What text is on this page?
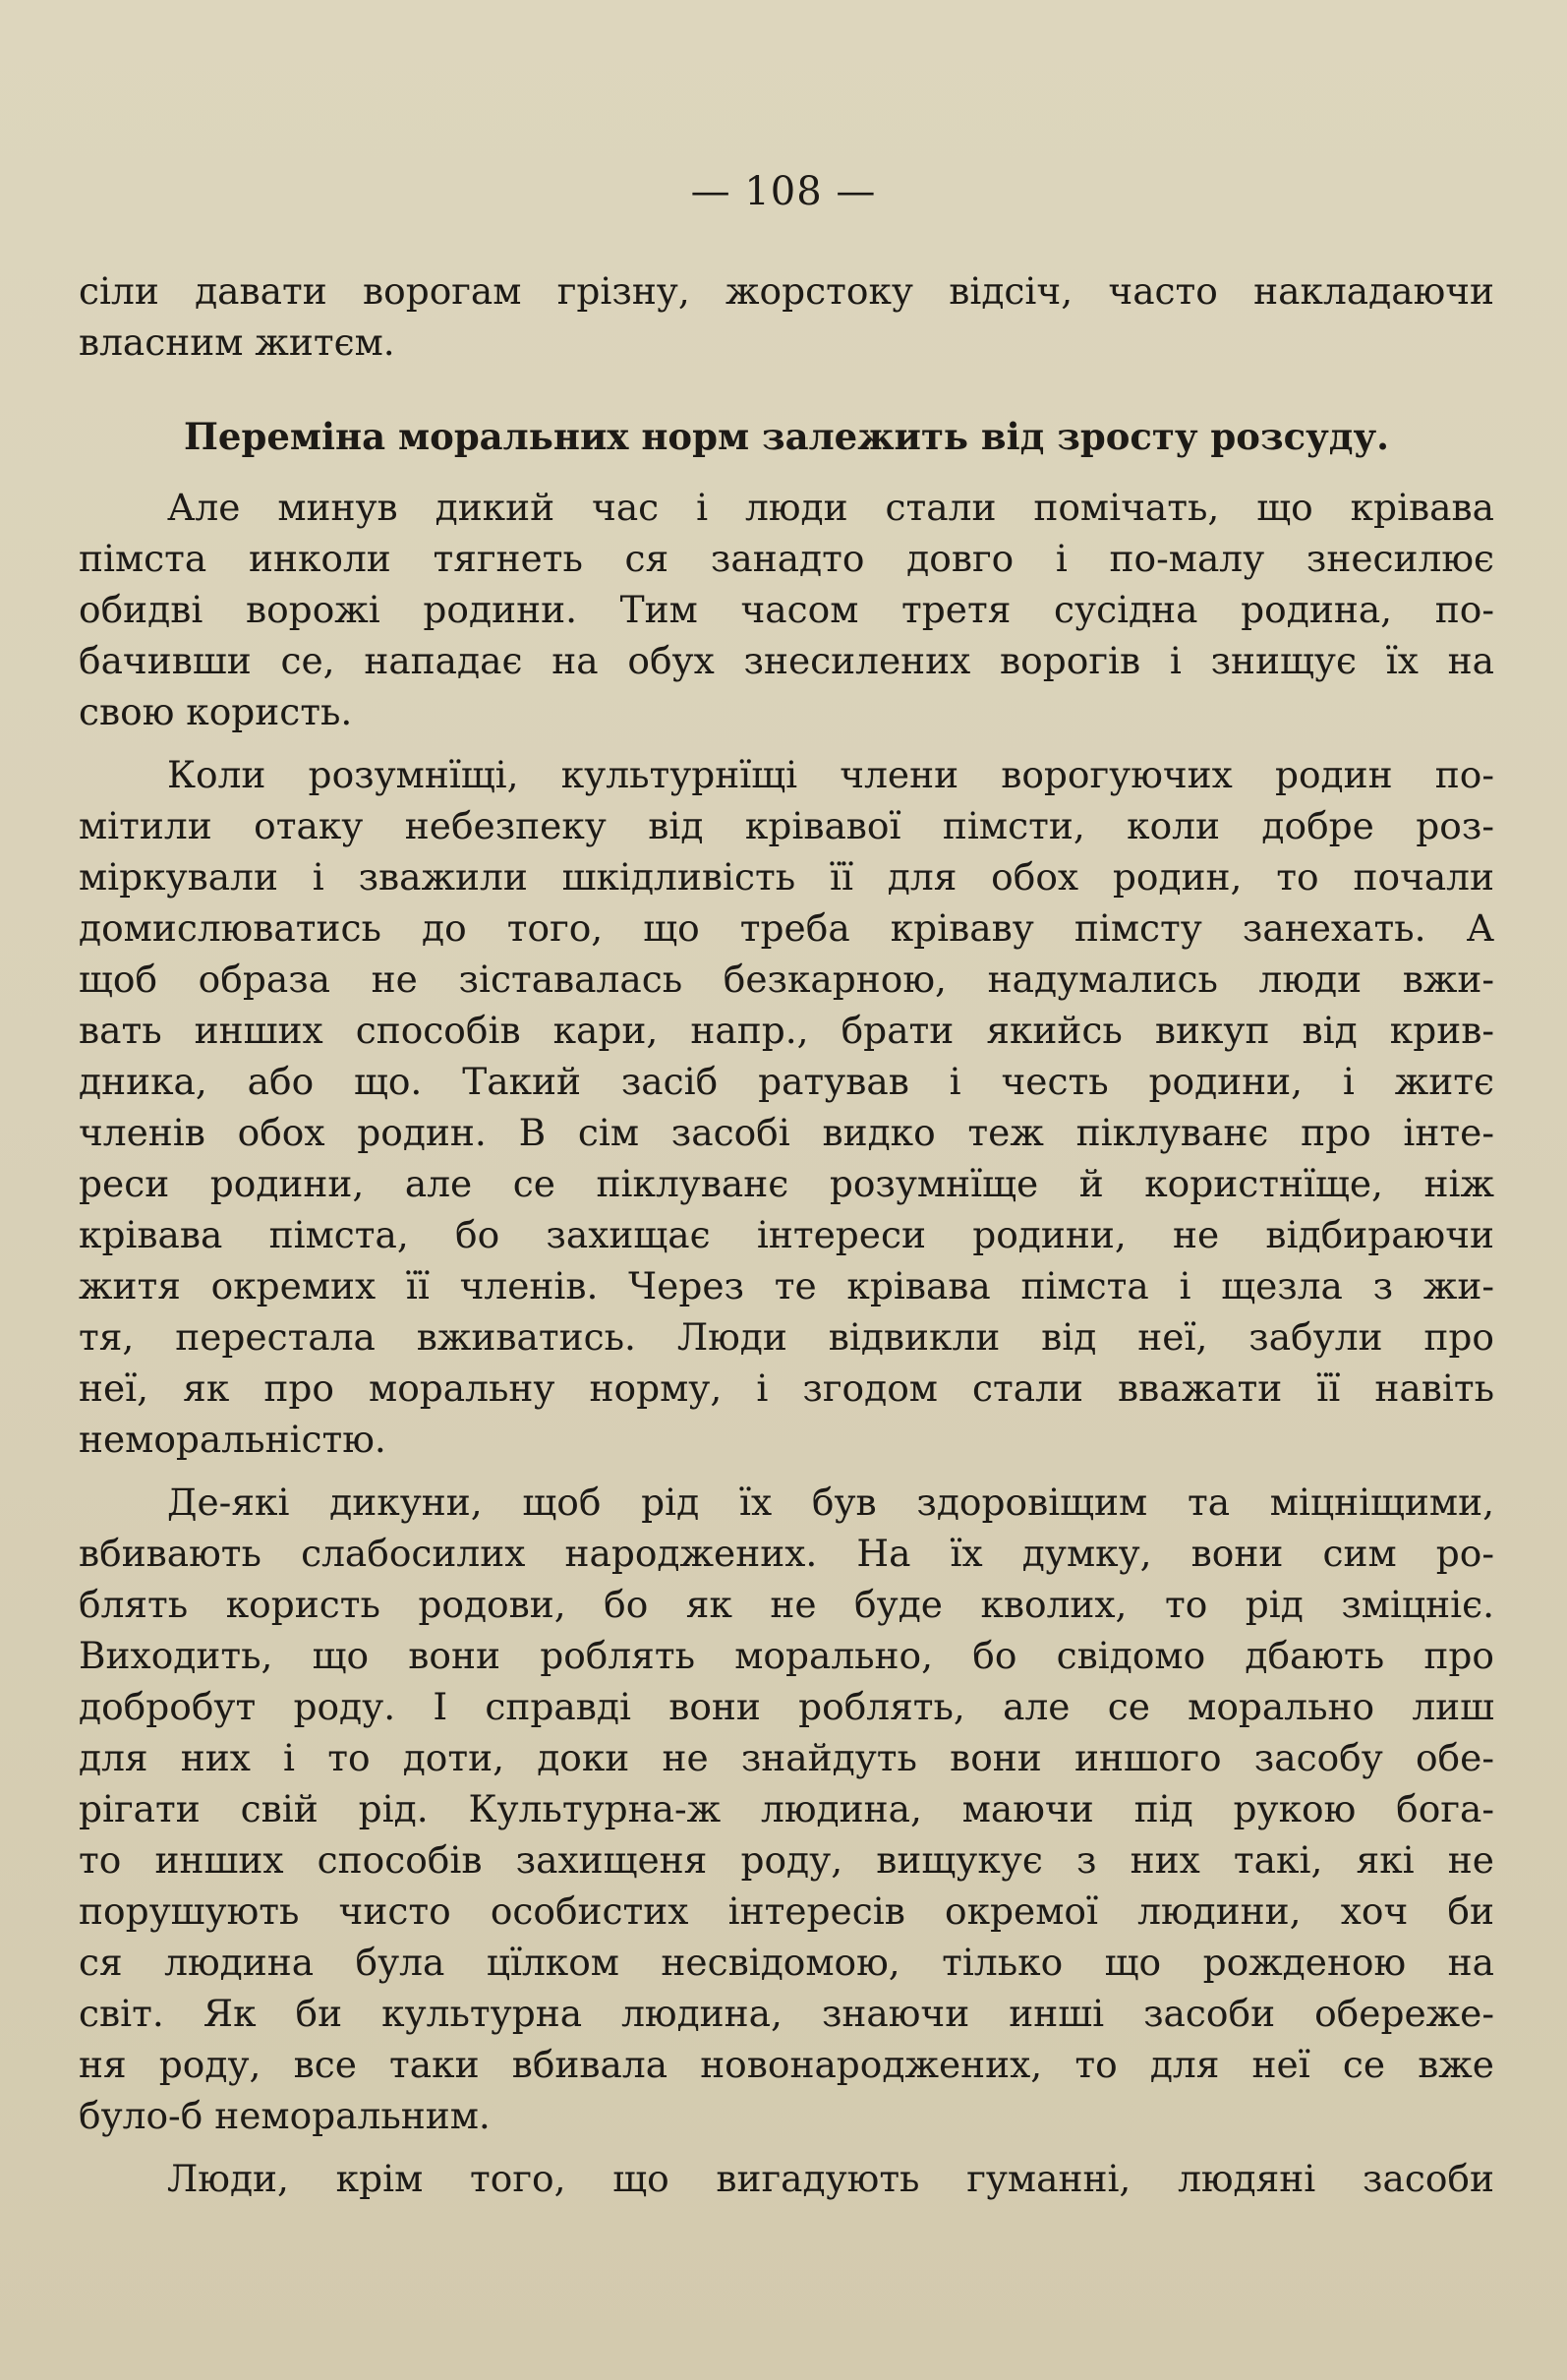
— 108 —
сіли давати ворогам грізну, жорстоку відсіч, часто накладаючи
власним житєм.
Переміна моральних норм залежить від зросту розсуду.
Але минув дикий час і люди стали помічать, що крівава
пімста инколи тягнеть ся занадто довго і по-малу знесилює
обидві ворожі родини. Тим часом третя сусідна родина, по-
бачивши се, нападає на обух знесилених ворогів і знищує їх на
свою користь.
Коли розумнїщі, культурнїщі члени ворогуючих родин по-
мітили отаку небезпеку від крівавої пімсти, коли добре роз-
міркували і зважили шкідливість її для обох родин, то почали
домислюватись до того, що треба кріваву пімсту занехать. А
щоб образа не зіставалась безкарною, надумались люди вжи-
вать инших способів кари, напр., брати якийсь викуп від крив-
дника, або що. Такий засіб ратував і честь родини, і житє
членів обох родин. В сім засобі видко теж піклуванє про інте-
реси родини, але се піклуванє розумнїще й користнїще, ніж
крівава пімста, бо захищає інтереси родини, не відбираючи
житя окремих її членів. Через те крівава пімста і щезла з жи-
тя, перестала вживатись. Люди відвикли від неї, забули про
неї, як про моральну норму, і згодом стали вважати її навіть
неморальністю.
Де-які дикуни, щоб рід їх був здоровіщим та міцніщими,
вбивають слабосилих народжених. На їх думку, вони сим ро-
блять користь родови, бо як не буде кволих, то рід зміцніє.
Виходить, що вони роблять морально, бо свідомо дбають про
добробут роду. І справді вони роблять, але се морально лиш
для них і то доти, доки не знайдуть вони иншого засобу обе-
рігати свій рід. Культурна-ж людина, маючи під рукою бога-
то инших способів захищеня роду, вищукує з них такі, які не
порушують чисто особистих інтересів окремої людини, хоч би
ся людина була цїлком несвідомою, тілько що рожденою на
світ. Як би культурна людина, знаючи инші засоби обереже-
ня роду, все таки вбивала новонароджених, то для неї се вже
було-б неморальним.
Люди, крім того, що вигадують гуманні, людяні засоби
